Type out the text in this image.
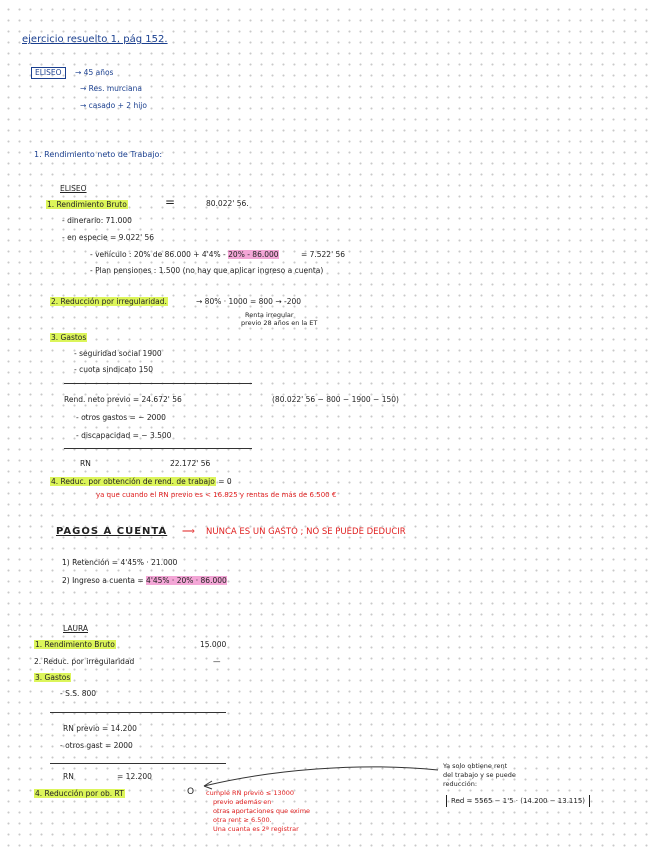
ejercicio resuelto 1. pág 152.
ELISEO	→ 45 años
→ Res. murciana
→ casado + 2 hijo
1. Rendimiento neto de Trabajo:
ELISEO
1. Rendimiento Bruto	=	80.022' 56.
- dinerario: 71.000
- en especie = 9.022' 56
- vehículo : 20% de 86.000 + 4'4% - 20% - 86.000	= 7.522' 56
- Plan pensiones : 1.500 (no hay que aplicar ingreso a cuenta)
2. Reducción por irregularidad.	→ 80% · 1000 = 800 → -200
Renta irregular
previo 28 años en la ET
3. Gastos
- seguridad social 1900
- cuota sindicato 150
Rend. neto previo = 24.672' 56	(80.022' 56 − 800 − 1900 − 150)
- otros gastos = − 2000
- discapacidad = − 3.500
RN	22.172' 56
4. Reduc. por obtención de rend. de trabajo = 0
ya que cuando el RN previo es < 16.825 y rentas de más de 6.500 €
PAGOS A CUENTA ⟹ NUNCA ES UN GASTO ; NO SE PUEDE DEDUCIR
1) Retención = 4'45% · 21.000
2) Ingreso a cuenta = 4'45% · 20% · 86.000
LAURA
1. Rendimiento Bruto	15.000
2. Reduc. por irregularidad	—
3. Gastos
- S.S. 800
RN previo = 14.200
- otros gast = 2000
RN	= 12.200
4. Reducción por ob. RT	O cumple RN previo ≤ 13000
previo además en
otras aportaciones que exime
otra rent ≥ 6.500.
Una cuanta es 2ª registrar
Ya solo obtiene rent
del trabajo y se puede
reducción:
Red = 5565 − 1'5 · (14.200 − 13.115)
